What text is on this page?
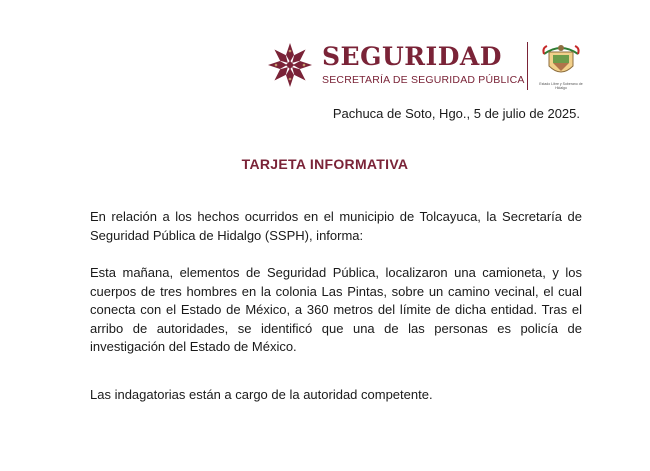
SEGURIDAD
SECRETARÍA DE SEGURIDAD PÚBLICA	Estado Libre y Soberano de Hidalgo
Pachuca de Soto, Hgo., 5 de julio de 2025.
TARJETA INFORMATIVA
En relación a los hechos ocurridos en el municipio de Tolcayuca, la Secretaría de Seguridad Pública de Hidalgo (SSPH), informa:
Esta mañana, elementos de Seguridad Pública, localizaron una camioneta, y los cuerpos de tres hombres en la colonia Las Pintas, sobre un camino vecinal, el cual conecta con el Estado de México, a 360 metros del límite de dicha entidad. Tras el arribo de autoridades, se identificó que una de las personas es policía de investigación del Estado de México.
Las indagatorias están a cargo de la autoridad competente.
